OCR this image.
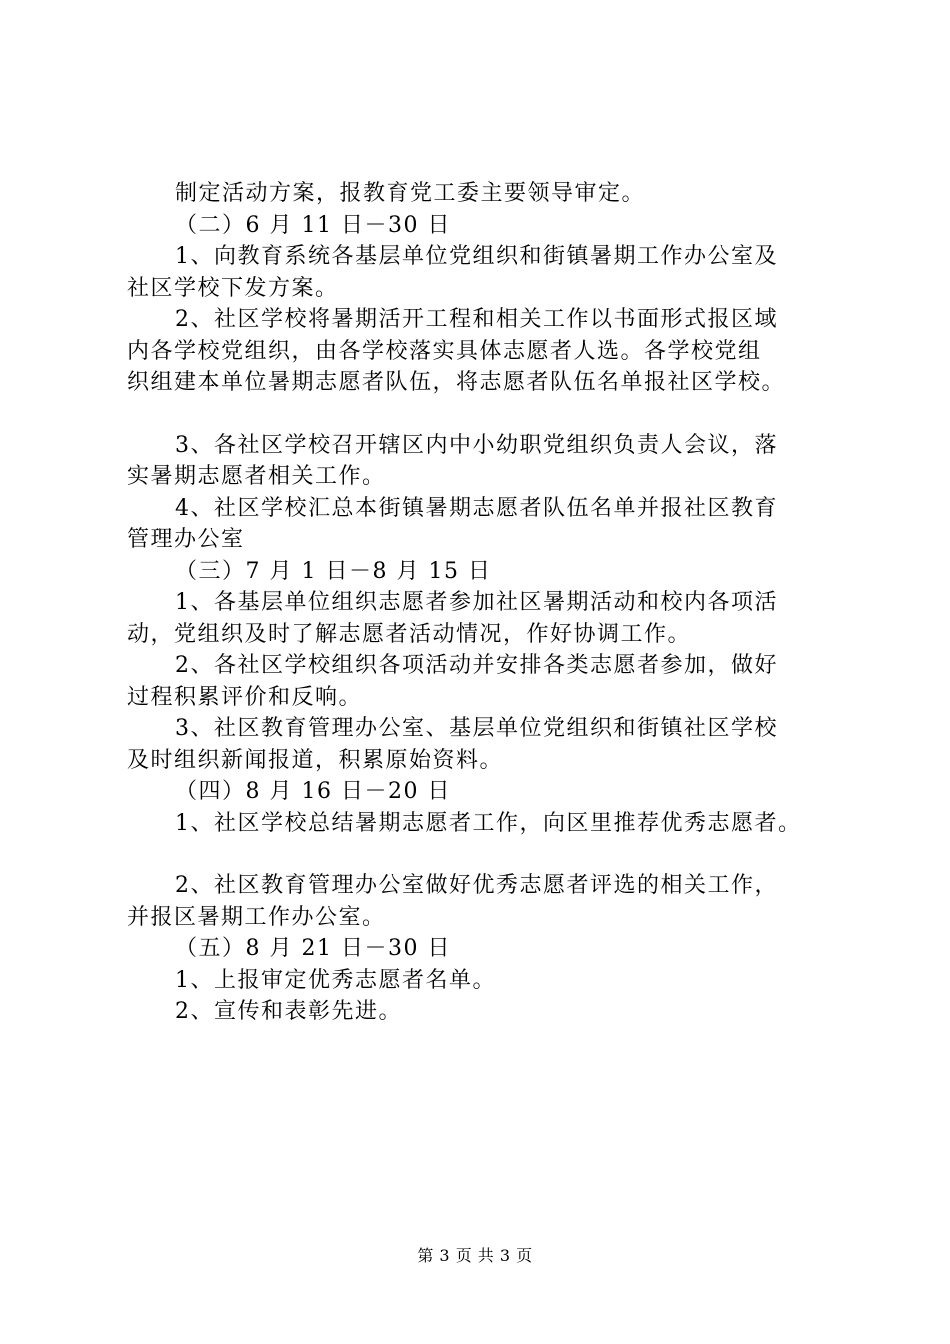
制定活动方案，报教育党工委主要领导审定。

（二）6 月 11 日－30 日

1、向教育系统各基层单位党组织和街镇暑期工作办公室及

社区学校下发方案。

2、社区学校将暑期活开工程和相关工作以书面形式报区域

内各学校党组织，由各学校落实具体志愿者人选。各学校党组

织组建本单位暑期志愿者队伍，将志愿者队伍名单报社区学校。

3、各社区学校召开辖区内中小幼职党组织负责人会议，落

实暑期志愿者相关工作。

4、社区学校汇总本街镇暑期志愿者队伍名单并报社区教育

管理办公室

（三）7 月 1 日－8 月 15 日

1、各基层单位组织志愿者参加社区暑期活动和校内各项活

动，党组织及时了解志愿者活动情况，作好协调工作。

2、各社区学校组织各项活动并安排各类志愿者参加，做好

过程积累评价和反响。

3、社区教育管理办公室、基层单位党组织和街镇社区学校

及时组织新闻报道，积累原始资料。

（四）8 月 16 日－20 日

1、社区学校总结暑期志愿者工作，向区里推荐优秀志愿者。

2、社区教育管理办公室做好优秀志愿者评选的相关工作，

并报区暑期工作办公室。

（五）8 月 21 日－30 日

1、上报审定优秀志愿者名单。

2、宣传和表彰先进。

第 3 页 共 3 页
